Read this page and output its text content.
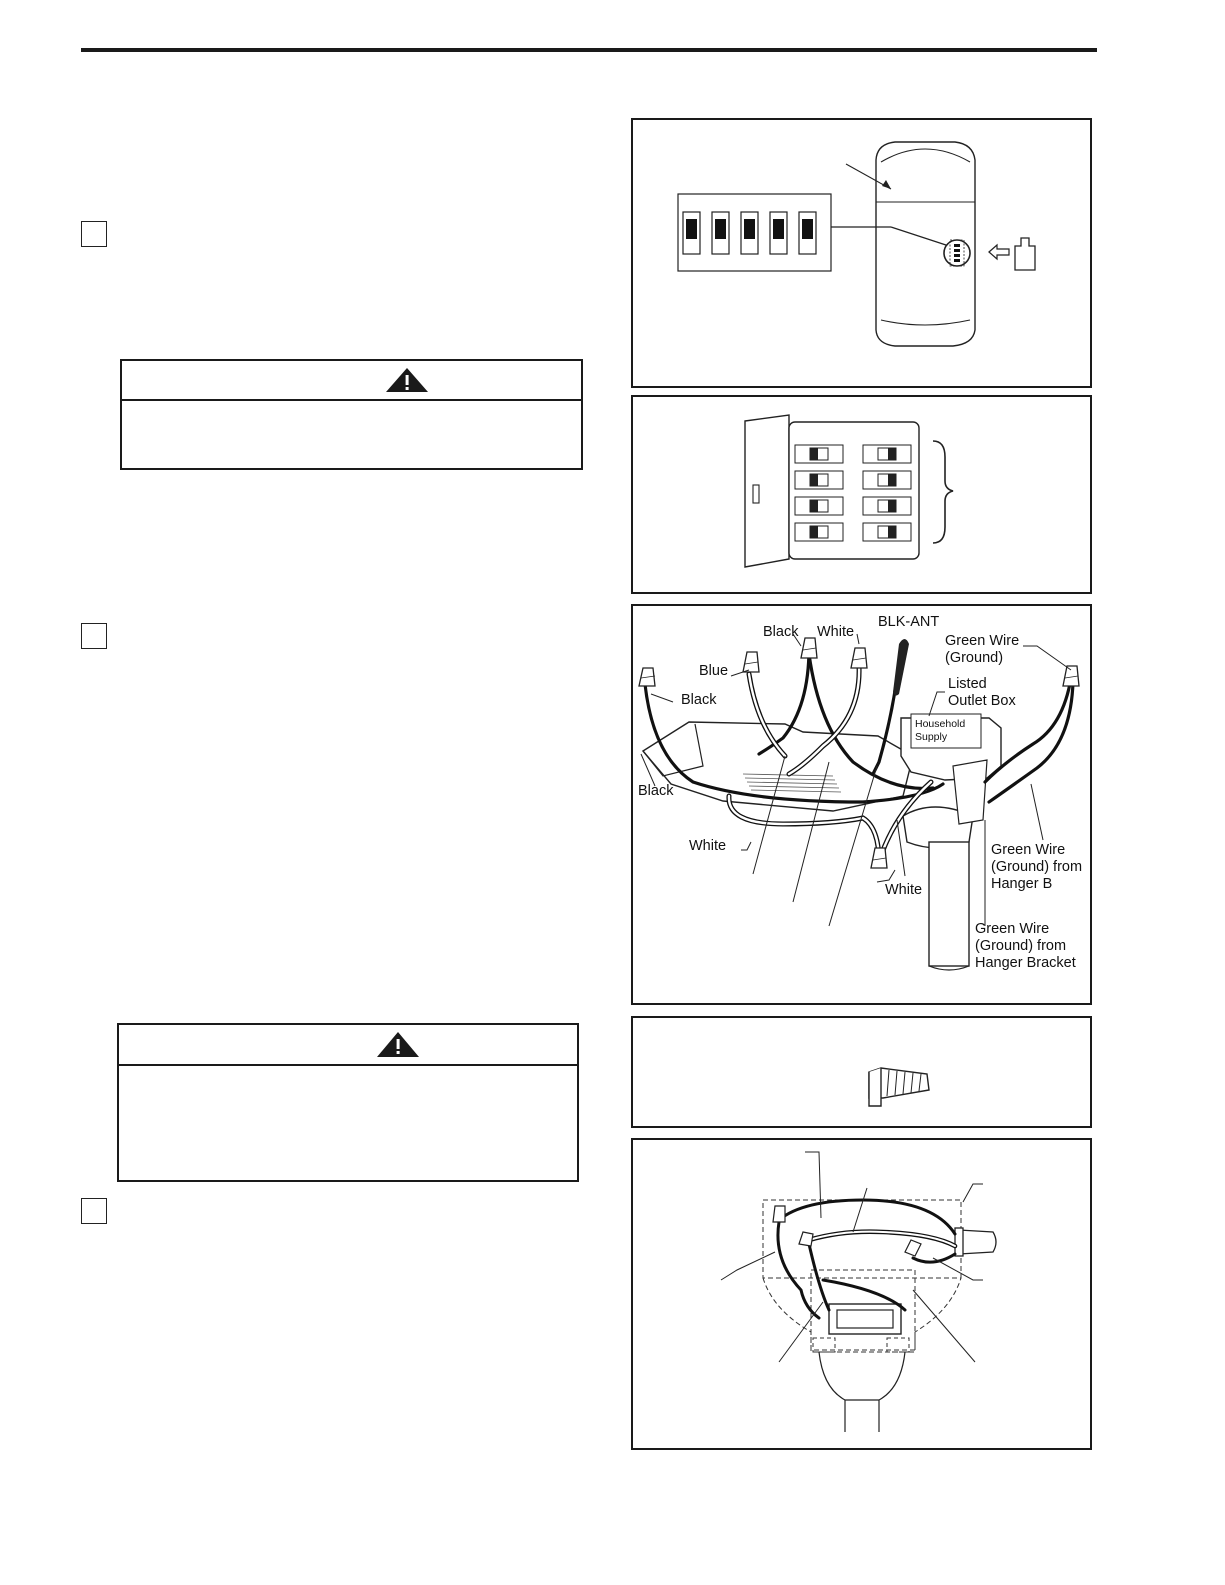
Black White
BLK-ANT
Green Wire
(Ground)
Blue
Listed
Outlet Box
Black
Household
Supply
Black
White	Green Wire
(Ground) from
Hanger B
White
Green Wire
(Ground) from
Hanger Bracket
